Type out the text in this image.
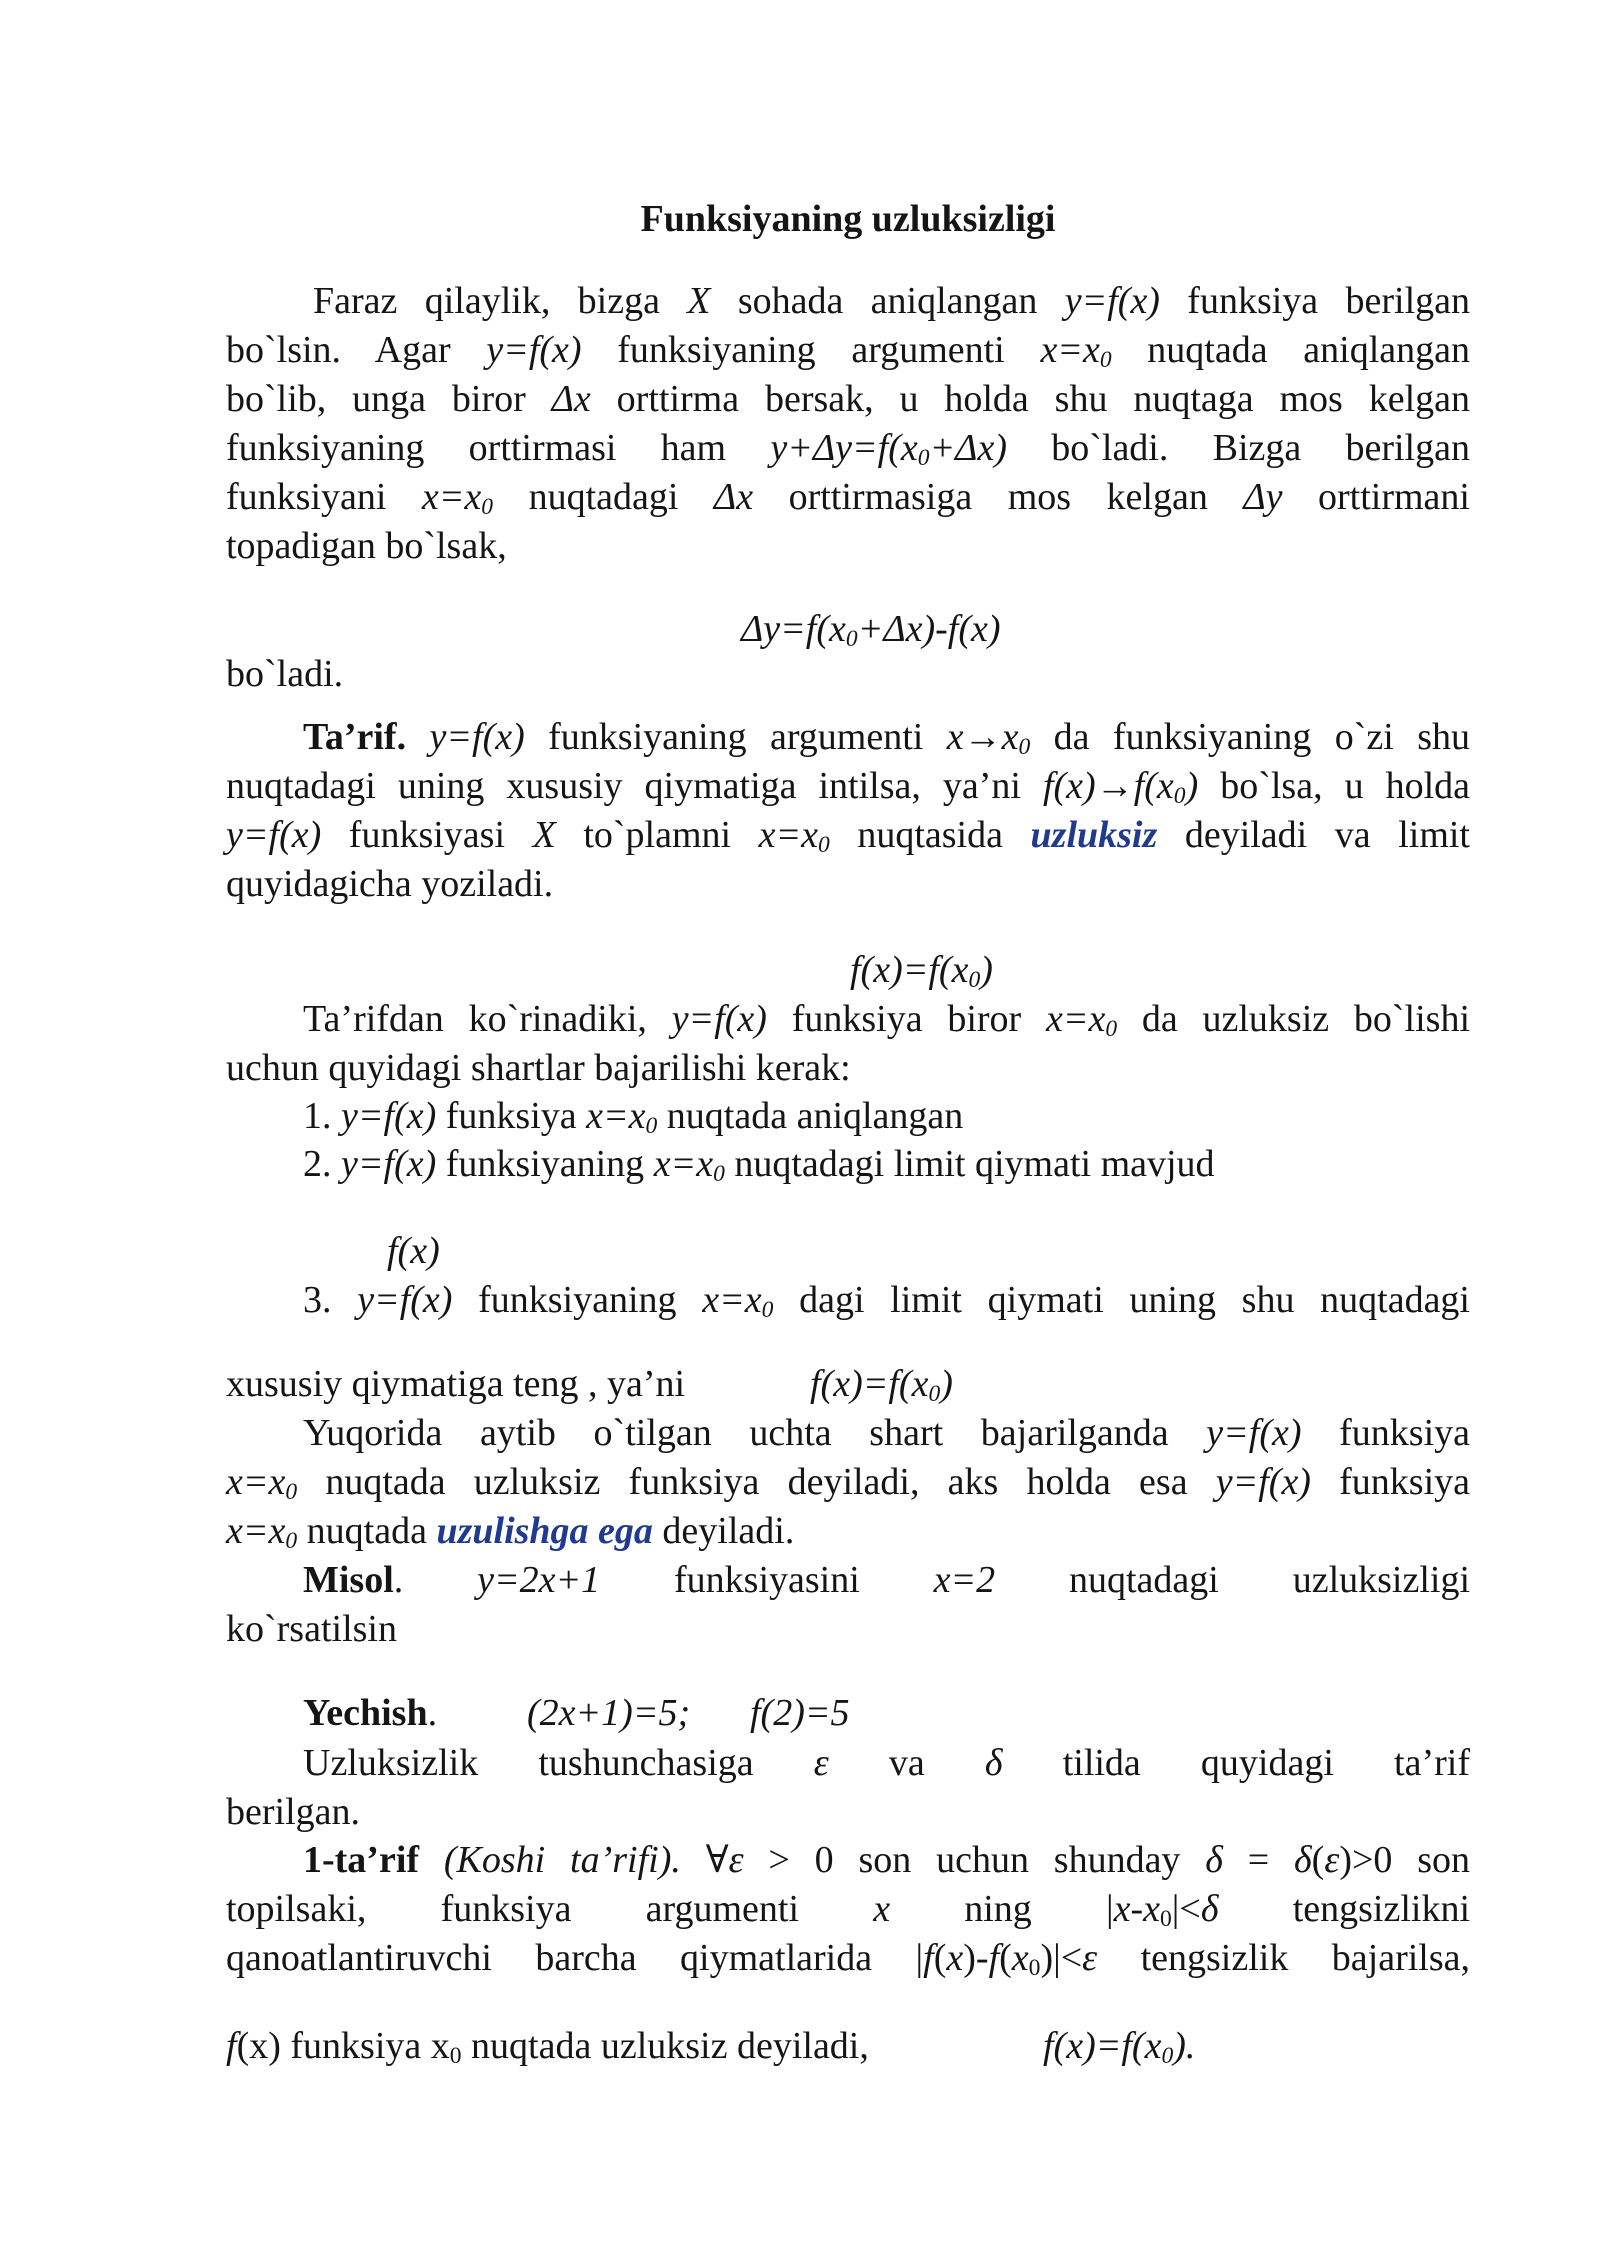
Funksiyaning uzluksizligi
Faraz qilaylik, bizga X sohada aniqlangan y=f(x) funksiya berilgan
bo`lsin. Agar y=f(x) funksiyaning argumenti $x=x_0$ nuqtada aniqlangan
bo`lib, unga biror Δx orttirma bersak, u holda shu nuqtaga mos kelgan
funksiyaning orttirmasi ham $y+\Delta y=f(x_0+\Delta x)$ bo`ladi. Bizga berilgan
funksiyani $x=x_0$ nuqtadagi Δx orttirmasiga mos kelgan Δy orttirmani
topadigan bo`lsak,
$\Delta y=f(x_0+\Delta x)-f(x)$
bo`ladi.
Ta’rif. y=f(x) funksiyaning argumenti $x\to x_0$ da funksiyaning o`zi shu
nuqtadagi uning xususiy qiymatiga intilsa, ya’ni $f(x)\to f(x_0)$ bo`lsa, u holda
y=f(x) funksiyasi X to`plamni $x=x_0$ nuqtasida uzluksiz deyiladi va limit
quyidagicha yoziladi.
$f(x)=f(x_0)$
Ta’rifdan ko`rinadiki, y=f(x) funksiya biror $x=x_0$ da uzluksiz bo`lishi
uchun quyidagi shartlar bajarilishi kerak:
1. y=f(x) funksiya $x=x_0$ nuqtada aniqlangan
2. y=f(x) funksiyaning $x=x_0$ nuqtadagi limit qiymati mavjud
f(x)
3. y=f(x) funksiyaning $x=x_0$ dagi limit qiymati uning shu nuqtadagi
xususiy qiymatiga teng , ya’ni	$f(x)=f(x_0)$
Yuqorida aytib o`tilgan uchta shart bajarilganda y=f(x) funksiya
$x=x_0$ nuqtada uzluksiz funksiya deyiladi, aks holda esa y=f(x) funksiya
$x=x_0$ nuqtada uzulishga ega deyiladi.
Misol. y=2x+1 funksiyasini x=2 nuqtadagi uzluksizligi
ko`rsatilsin
Yechish. (2x+1)=5; f(2)=5
Uzluksizlik tushunchasiga ε va δ tilida quyidagi ta’rif
berilgan.
1-ta’rif (Koshi ta’rifi). ∀ε > 0 son uchun shunday δ = δ(ε)>0 son
topilsaki, funksiya argumenti x ning $|x-x_0|<\delta$ tengsizlikni
qanoatlantiruvchi barcha qiymatlarida $|f(x)-f(x_0)|<\varepsilon$ tengsizlik bajarilsa,
f(x) funksiya $x_0$ nuqtada uzluksiz deyiladi,	$f(x)=f(x_0)$.
